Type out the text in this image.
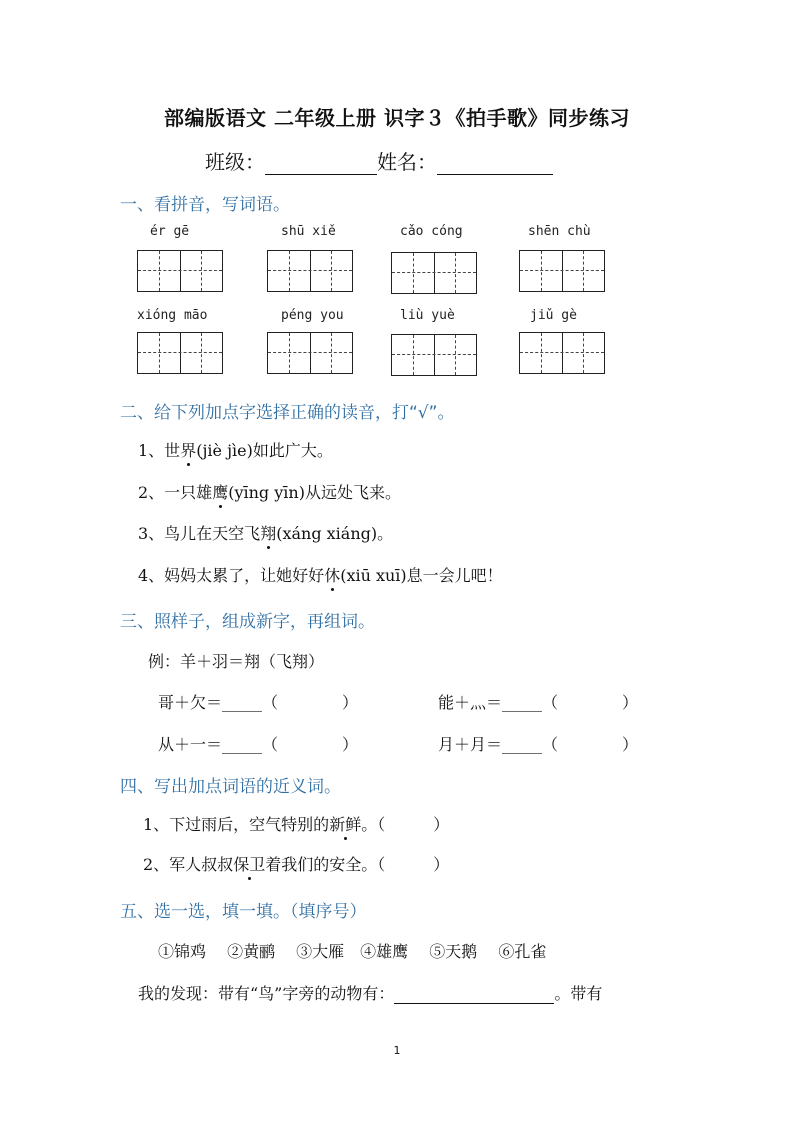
部编版语文 二年级上册 识字３《拍手歌》同步练习
班级：	姓名：
一、看拼音，写词语。
ér gē	shū xiě	cǎo cóng	shēn chù
xióng māo	péng you	liù yuè	jiǔ gè
二、给下列加点字选择正确的读音，打“√”。
1、世界(jiè jìe)如此广大。
2、一只雄鹰(yīng yīn)从远处飞来。
3、鸟儿在天空飞翔(xáng xiáng)。
4、妈妈太累了，让她好好休(xiū xuī)息一会儿吧！
三、照样子，组成新字，再组词。
例：羊＋羽＝翔（飞翔）
哥＋欠＝_____（　　　　）	能＋灬＝_____（　　　　）
从＋一＝_____（　　　　）	月＋月＝_____（　　　　）
四、写出加点词语的近义词。
1、下过雨后，空气特别的新鲜。（　　　）
2、军人叔叔保卫着我们的安全。（　　　）
五、选一选，填一填。（填序号）
①锦鸡　 ②黄鹂　 ③大雁　④雄鹰　 ⑤天鹅　 ⑥孔雀
我的发现：带有“鸟”字旁的动物有：	。带有
1
